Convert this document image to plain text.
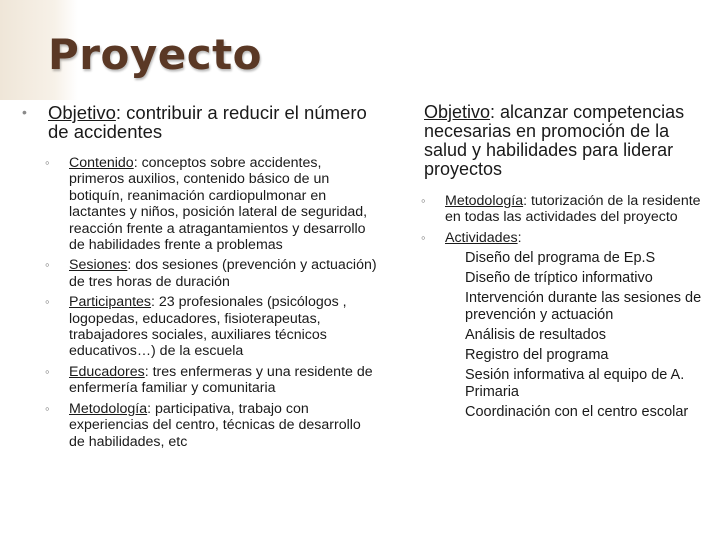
Proyecto
• Objetivo: contribuir a reducir el número de accidentes
◦ Contenido: conceptos sobre accidentes, primeros auxilios, contenido básico de un botiquín, reanimación cardiopulmonar en lactantes y niños, posición lateral de seguridad, reacción frente a atragantamientos y desarrollo de habilidades frente a problemas
◦ Sesiones: dos sesiones (prevención y actuación) de tres horas de duración
◦ Participantes: 23 profesionales (psicólogos , logopedas, educadores, fisioterapeutas,              trabajadores sociales, auxiliares técnicos educativos…) de la escuela
◦ Educadores: tres enfermeras y una residente de enfermería familiar y comunitaria
◦ Metodología: participativa, trabajo con experiencias del centro, técnicas de desarrollo de habilidades, etc
Objetivo: alcanzar competencias necesarias en promoción de la salud y habilidades para liderar proyectos
◦ Metodología: tutorización de la residente en todas las actividades del proyecto
◦ Actividades:
Diseño del programa de Ep.S
Diseño de tríptico informativo
Intervención durante las sesiones de prevención y actuación
Análisis de resultados
Registro del programa
Sesión informativa al equipo de A. Primaria
Coordinación con el centro escolar
